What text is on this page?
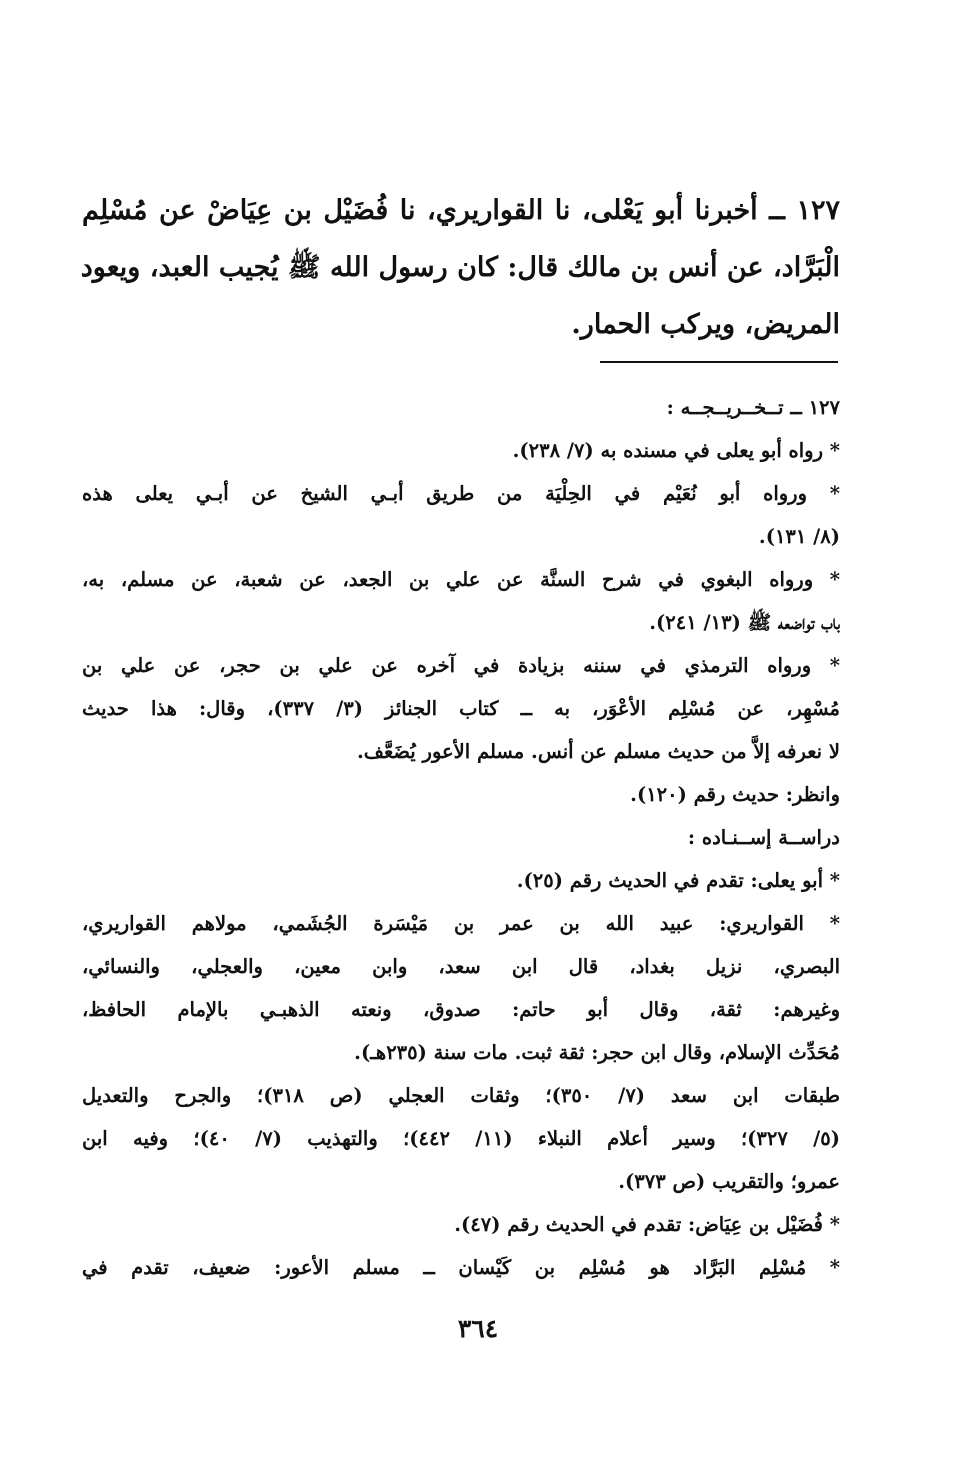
١٢٧ ــ أخبرنا أبو يَعْلى، نا القواريري، نا فُضَيْل بن عِيَاضْ عن مُسْلِم
الْبَرَّاد، عن أنس بن مالك قال: كان رسول الله ﷺ يُجيب العبد، ويعود
المريض، ويركب الحمار.
١٢٧ ــ تــخــريــجــه :
* رواه أبو يعلى في مسنده به (٧/ ٢٣٨).
* ورواه أبو نُعَيْم في الحِلْيَة من طريق أبـي الشيخ عن أبـي يعلى هذه
(٨/ ١٣١).
* ورواه البغوي في شرح السنَّة عن علي بن الجعد، عن شعبة، عن مسلم، به،
باب تواضعه ﷺ (١٣/ ٢٤١).
* ورواه الترمذي في سننه بزيادة في آخره عن علي بن حجر، عن علي بن
مُسْهِر، عن مُسْلِم الأعْوَر، به ــ كتاب الجنائز (٣/ ٣٣٧)، وقال: هذا حديث
لا نعرفه إلاَّ من حديث مسلم عن أنس. مسلم الأعور يُضَعَّف.
وانظر: حديث رقم (١٢٠).
دراســة إســنـاده :
* أبو يعلى: تقدم في الحديث رقم (٢٥).
* القواريري: عبيد الله بن عمر بن مَيْسَرة الجُشَمي، مولاهم القواريري،
البصري، نزيل بغداد، قال ابن سعد، وابن معين، والعجلي، والنسائي،
وغيرهم: ثقة، وقال أبو حاتم: صدوق، ونعته الذهبـي بالإمام الحافظ،
مُحَدِّث الإسلام، وقال ابن حجر: ثقة ثبت. مات سنة (٢٣٥هـ).
طبقات ابن سعد (٧/ ٣٥٠)؛ وثقات العجلي (ص ٣١٨)؛ والجرح والتعديل
(٥/ ٣٢٧)؛ وسير أعلام النبلاء (١١/ ٤٤٢)؛ والتهذيب (٧/ ٤٠)؛ وفيه ابن
عمرو؛ والتقريب (ص ٣٧٣).
* فُضَيْل بن عِيَاض: تقدم في الحديث رقم (٤٧).
* مُسْلِم البَرَّاد هو مُسْلِم بن كَيْسان ــ مسلم الأعور: ضعيف، تقدم في
٣٦٤
